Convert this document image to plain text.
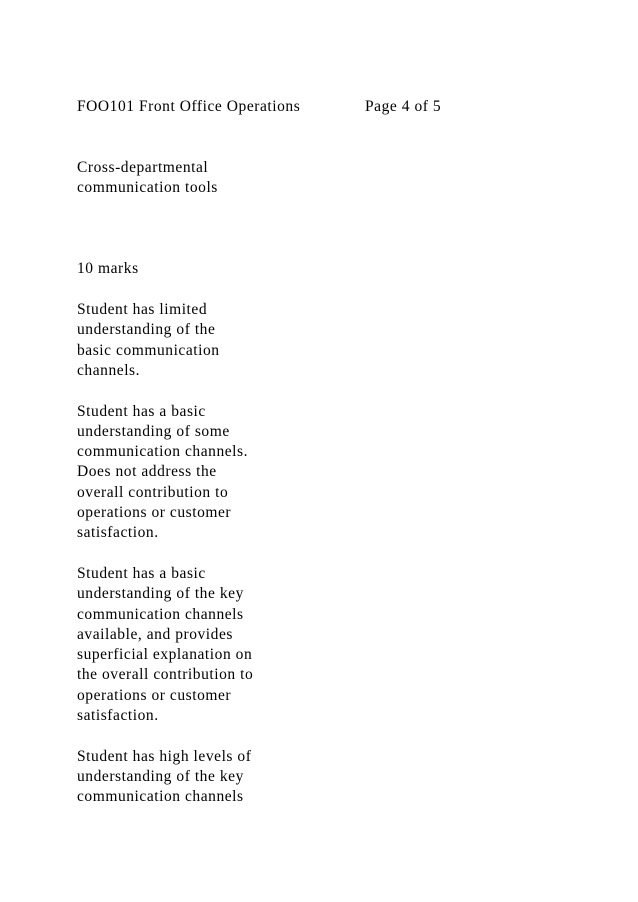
FOO101 Front Office Operations	Page 4 of 5

Cross-departmental
communication tools

10 marks

Student has limited
understanding of the
basic communication
channels.

Student has a basic
understanding of some
communication channels.
Does not address the
overall contribution to
operations or customer
satisfaction.

Student has a basic
understanding of the key
communication channels
available, and provides
superficial explanation on
the overall contribution to
operations or customer
satisfaction.

Student has high levels of
understanding of the key
communication channels
